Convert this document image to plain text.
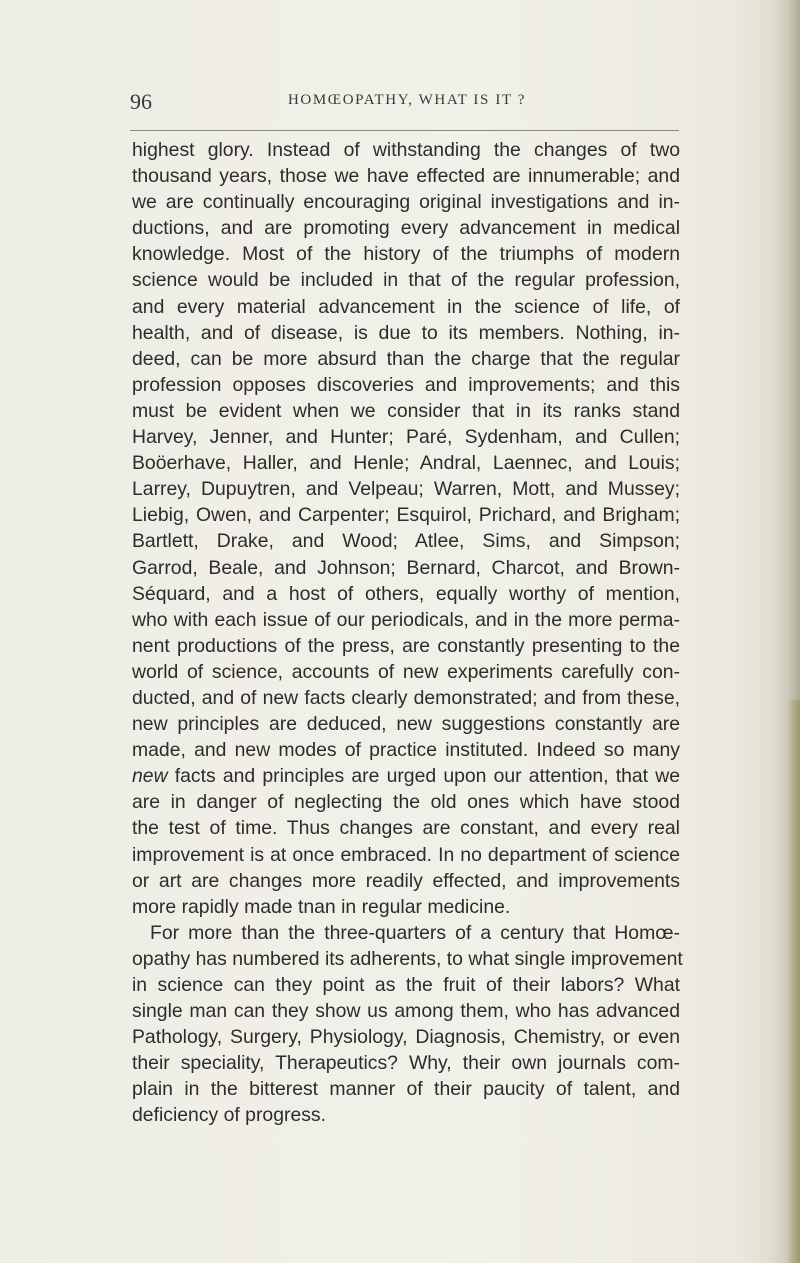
96	HOMŒOPATHY, WHAT IS IT ?
highest glory. Instead of withstanding the changes of two
thousand years, those we have effected are innumerable; and
we are continually encouraging original investigations and in-
ductions, and are promoting every advancement in medical
knowledge. Most of the history of the triumphs of modern
science would be included in that of the regular profession,
and every material advancement in the science of life, of
health, and of disease, is due to its members. Nothing, in-
deed, can be more absurd than the charge that the regular
profession opposes discoveries and improvements; and this
must be evident when we consider that in its ranks stand
Harvey, Jenner, and Hunter; Paré, Sydenham, and Cullen;
Boöerhave, Haller, and Henle; Andral, Laennec, and Louis;
Larrey, Dupuytren, and Velpeau; Warren, Mott, and Mussey;
Liebig, Owen, and Carpenter; Esquirol, Prichard, and Brigham;
Bartlett, Drake, and Wood; Atlee, Sims, and Simpson;
Garrod, Beale, and Johnson; Bernard, Charcot, and Brown-
Séquard, and a host of others, equally worthy of mention,
who with each issue of our periodicals, and in the more perma-
nent productions of the press, are constantly presenting to the
world of science, accounts of new experiments carefully con-
ducted, and of new facts clearly demonstrated; and from these,
new principles are deduced, new suggestions constantly are
made, and new modes of practice instituted. Indeed so many
new facts and principles are urged upon our attention, that we
are in danger of neglecting the old ones which have stood
the test of time. Thus changes are constant, and every real
improvement is at once embraced. In no department of science
or art are changes more readily effected, and improvements
more rapidly made tnan in regular medicine.
For more than the three-quarters of a century that Homœ-
opathy has numbered its adherents, to what single improvement
in science can they point as the fruit of their labors? What
single man can they show us among them, who has advanced
Pathology, Surgery, Physiology, Diagnosis, Chemistry, or even
their speciality, Therapeutics? Why, their own journals com-
plain in the bitterest manner of their paucity of talent, and
deficiency of progress.
